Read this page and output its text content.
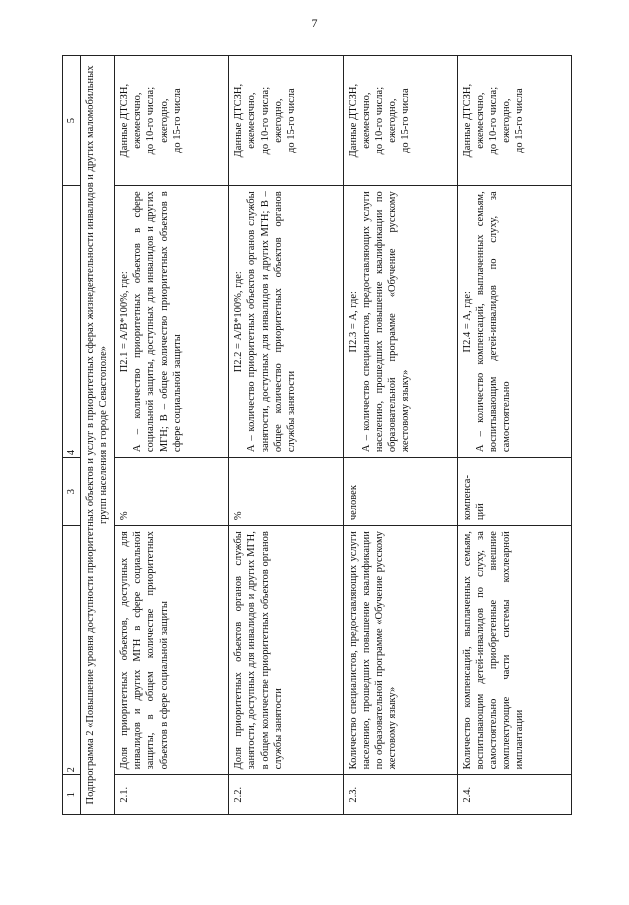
7
1	2	3	4	5
Подпрограмма 2 «Повышение уровня доступности приоритетных объектов и услуг в приоритетных сферах жизнедеятельности инвалидов и других маломобильных групп населения в городе Севастополе»				
2.1.	Доля приоритетных объектов, доступных для инвалидов и других МГН в сфере социальной защиты, в общем количестве приоритетных объектов в сфере социальной защиты	%	П2.1 = А/В*100%, где: А – количество приоритетных объектов в сфере социальной защиты, доступных для инвалидов и других МГН; В – общее количество приоритетных объектов в сфере социальной защиты	Данные ДТСЗН, ежемесячно, до 10-го числа; ежегодно, до 15-го числа

2.2.	Доля приоритетных объектов органов службы занятости, доступных для инвалидов и других МГН, в общем количестве приоритетных объектов органов службы занятости	%	П2.2 = А/В*100%, где: А – количество приоритетных объектов органов службы занятости, доступных для инвалидов и других МГН; В – общее количество приоритетных объектов органов службы занятости	Данные ДТСЗН, ежемесячно, до 10-го числа; ежегодно, до 15-го числа

2.3.	Количество специалистов, предоставляющих услуги населению, прошедших повышение квалификации по образовательной программе «Обучение русскому жестовому языку»	человек	П2.3 = А, где: А – количество специалистов, предоставляющих услуги населению, прошедших повышение квалификации по образовательной программе «Обучение русскому жестовому языку»	Данные ДТСЗН, ежемесячно, до 10-го числа; ежегодно, до 15-го числа

2.4.	Количество компенсаций, выплаченных семьям, воспитывающим детей-инвалидов по слуху, за самостоятельно приобретенные внешние комплектующие части системы кохлеарной имплантации	компенса-ций	П2.4 = А, где: А – количество компенсаций, выплаченных семьям, воспитывающим детей-инвалидов по слуху, за самостоятельно	Данные ДТСЗН, ежемесячно, до 10-го числа; ежегодно, до 15-го числа
